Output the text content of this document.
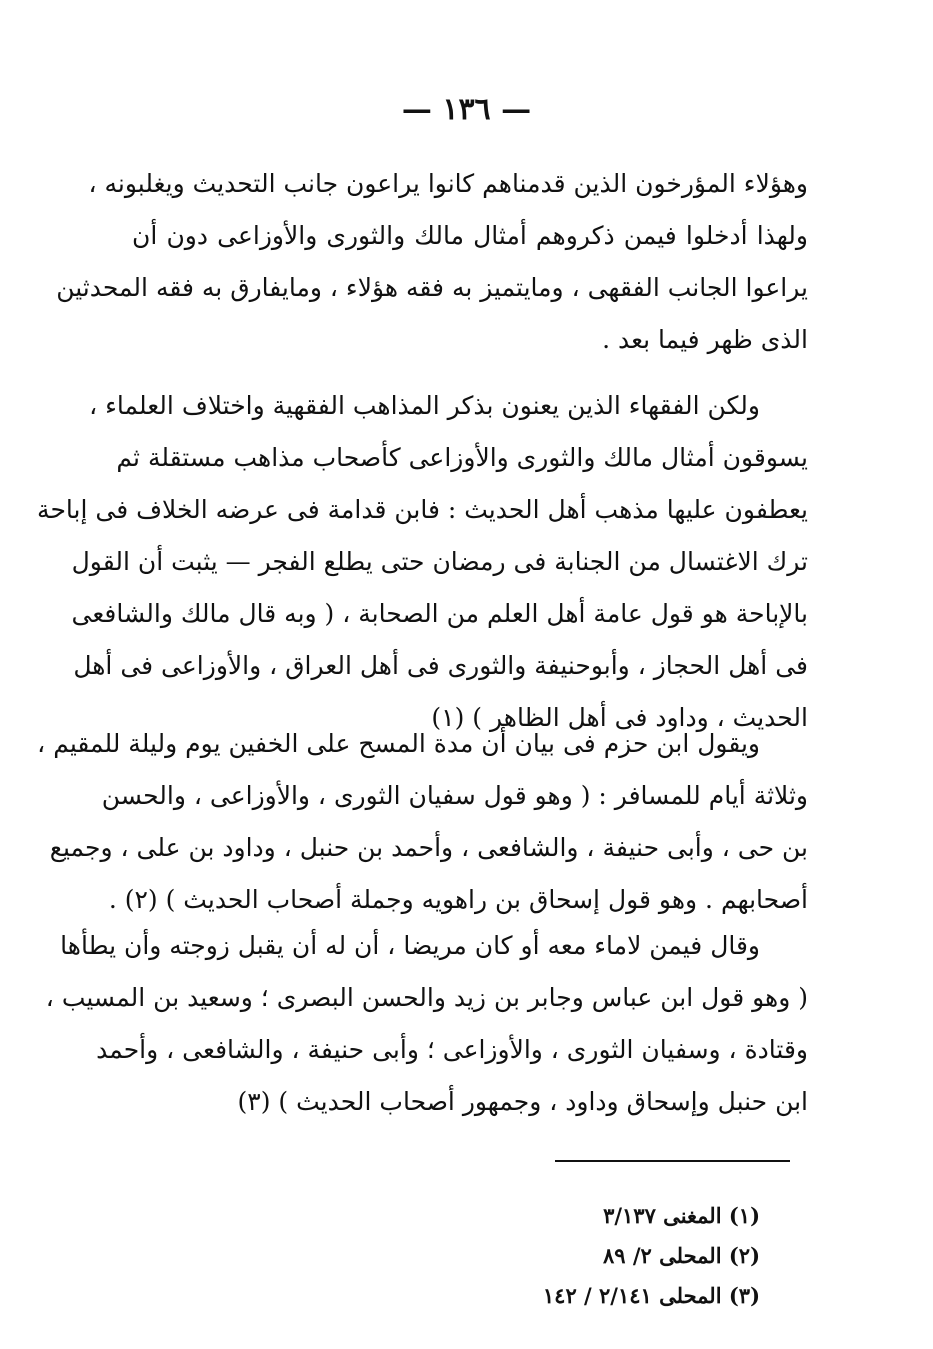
— ١٣٦ —
وهؤلاء المؤرخون الذين قدمناهم كانوا يراعون جانب التحديث ويغلبونه ،
ولهذا أدخلوا فيمن ذكروهم أمثال مالك والثورى والأوزاعى دون أن
يراعوا الجانب الفقهى ، ومايتميز به فقه هؤلاء ، ومايفارق به فقه المحدثين
الذى ظهر فيما بعد .
ولكن الفقهاء الذين يعنون بذكر المذاهب الفقهية واختلاف العلماء ،
يسوقون أمثال مالك والثورى والأوزاعى كأصحاب مذاهب مستقلة ثم
يعطفون عليها مذهب أهل الحديث : فابن قدامة فى عرضه الخلاف فى إباحة
ترك الاغتسال من الجنابة فى رمضان حتى يطلع الفجر — يثبت أن القول
بالإباحة هو قول عامة أهل العلم من الصحابة ، ( وبه قال مالك والشافعى
فى أهل الحجاز ، وأبوحنيفة والثورى فى أهل العراق ، والأوزاعى فى أهل
الحديث ، وداود فى أهل الظاهر ) (١)
ويقول ابن حزم فى بيان أن مدة المسح على الخفين يوم وليلة للمقيم ،
وثلاثة أيام للمسافر : ( وهو قول سفيان الثورى ، والأوزاعى ، والحسن
بن حى ، وأبى حنيفة ، والشافعى ، وأحمد بن حنبل ، وداود بن على ، وجميع
أصحابهم . وهو قول إسحاق بن راهويه وجملة أصحاب الحديث ) (٢) .
وقال فيمن لاماء معه أو كان مريضا ، أن له أن يقبل زوجته وأن يطأها
( وهو قول ابن عباس وجابر بن زيد والحسن البصرى ؛ وسعيد بن المسيب ،
وقتادة ، وسفيان الثورى ، والأوزاعى ؛ وأبى حنيفة ، والشافعى ، وأحمد
ابن حنبل وإسحاق وداود ، وجمهور أصحاب الحديث ) (٣)
(١) المغنى ٣/١٣٧
(٢) المحلى ٢/ ٨٩
(٣) المحلى ٢/١٤١ / ١٤٢
